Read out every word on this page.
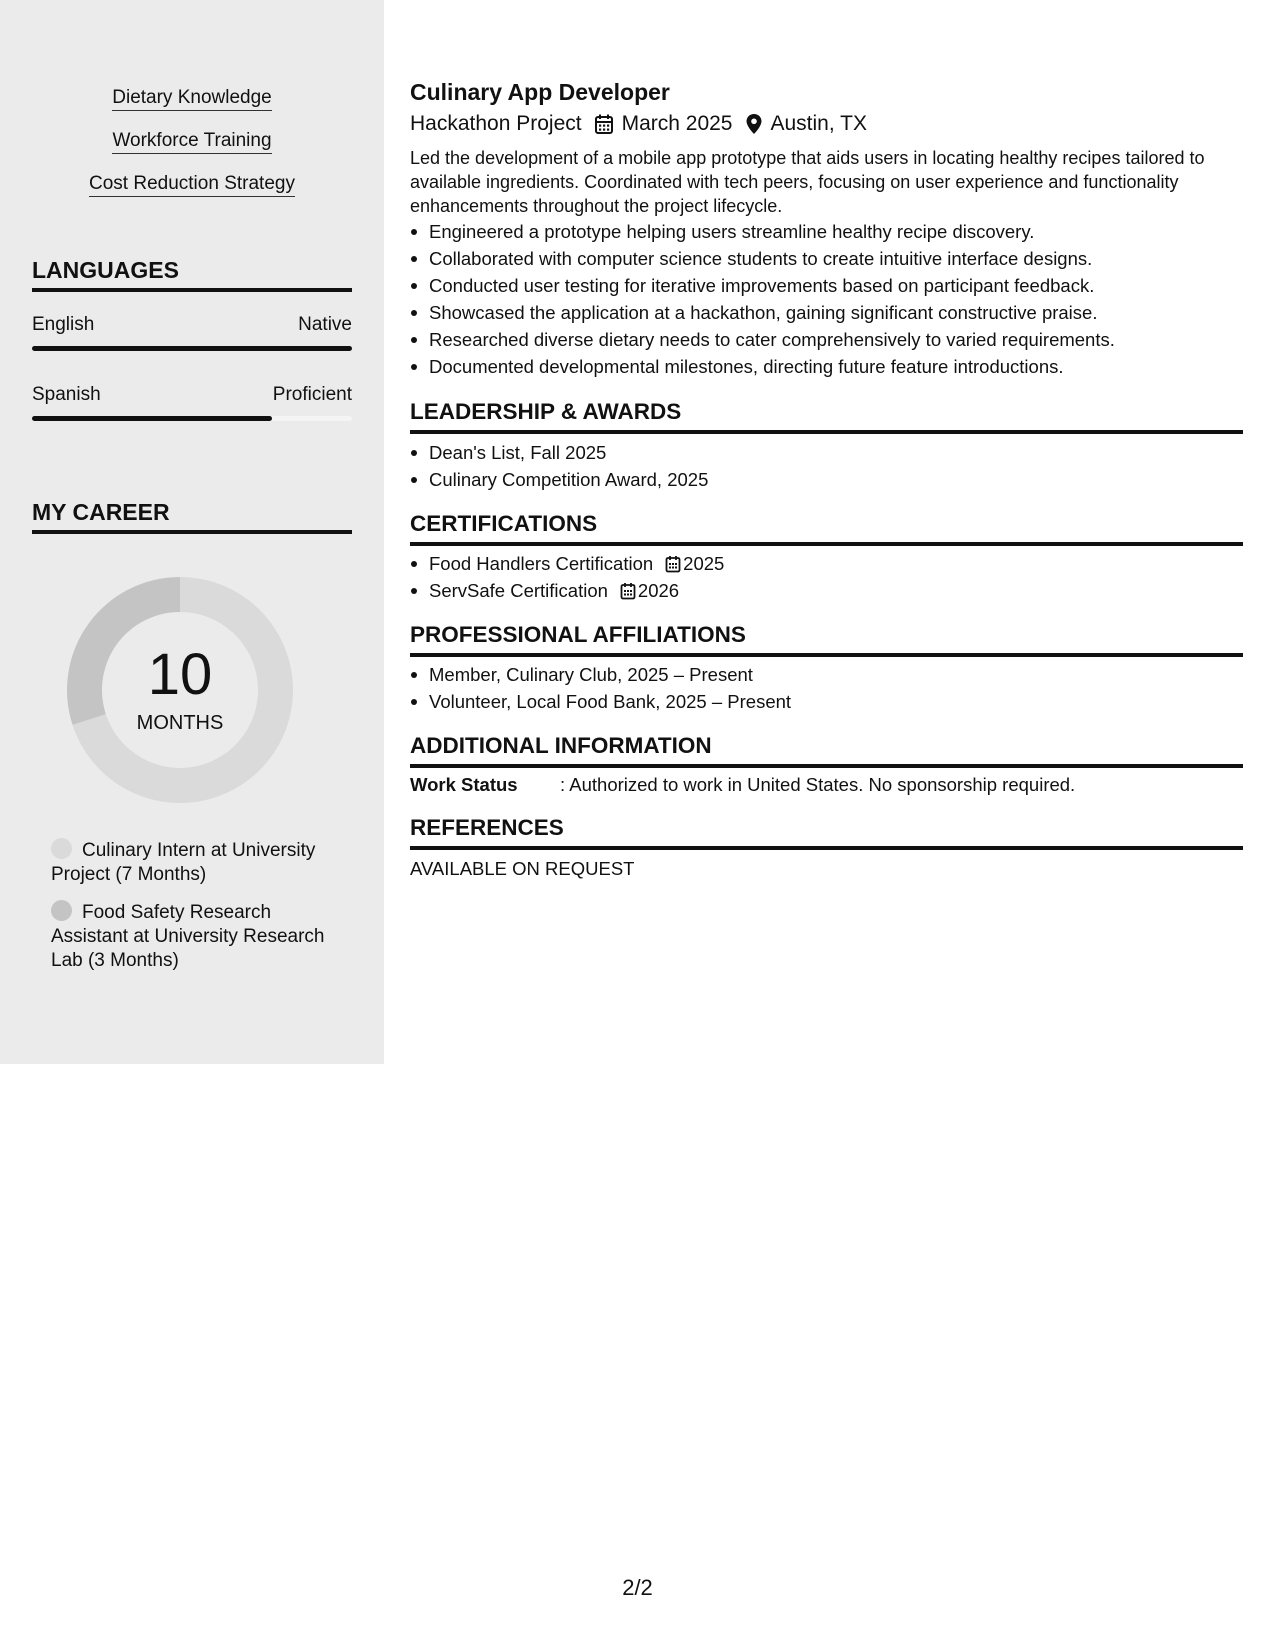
Dietary Knowledge
Workforce Training
Cost Reduction Strategy
LANGUAGES
English	Native
Spanish	Proficient
MY CAREER
10
MONTHS
Culinary Intern at University Project (7 Months)
Food Safety Research Assistant at University Research Lab (3 Months)
Culinary App Developer
Hackathon Project March 2025 Austin, TX
Led the development of a mobile app prototype that aids users in locating healthy recipes tailored to available ingredients. Coordinated with tech peers, focusing on user experience and functionality enhancements throughout the project lifecycle.
Engineered a prototype helping users streamline healthy recipe discovery.
Collaborated with computer science students to create intuitive interface designs.
Conducted user testing for iterative improvements based on participant feedback.
Showcased the application at a hackathon, gaining significant constructive praise.
Researched diverse dietary needs to cater comprehensively to varied requirements.
Documented developmental milestones, directing future feature introductions.
LEADERSHIP & AWARDS
Dean's List, Fall 2025
Culinary Competition Award, 2025
CERTIFICATIONS
Food Handlers Certification 2025
ServSafe Certification 2026
PROFESSIONAL AFFILIATIONS
Member, Culinary Club, 2025 – Present
Volunteer, Local Food Bank, 2025 – Present
ADDITIONAL INFORMATION
Work Status : Authorized to work in United States. No sponsorship required.
REFERENCES
AVAILABLE ON REQUEST
2/2
